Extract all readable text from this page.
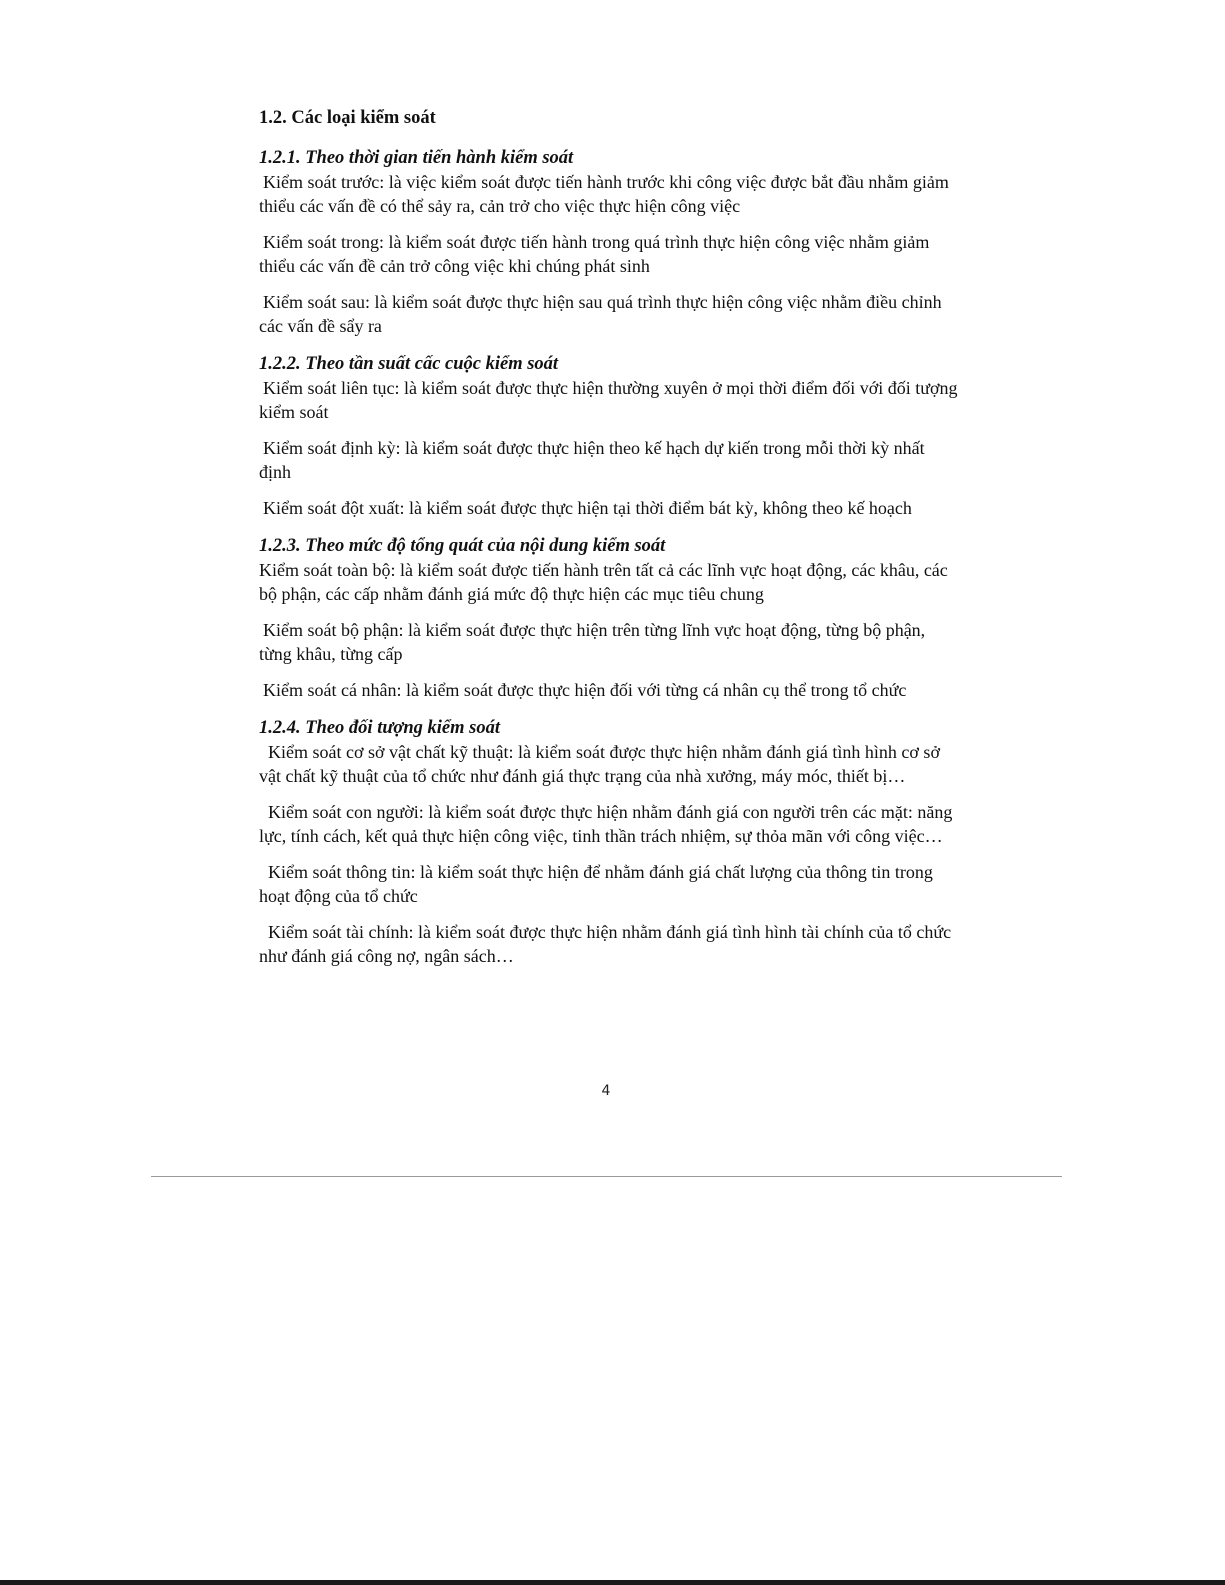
1.2. Các loại kiểm soát
1.2.1. Theo thời gian tiến hành kiểm soát

Kiểm soát trước: là việc kiểm soát được tiến hành trước khi công việc được bắt đầu nhằm giảm thiểu các vấn đề có thể sảy ra, cản trở cho việc thực hiện công việc

Kiểm soát trong: là kiểm soát được tiến hành trong quá trình thực hiện công việc nhằm giảm thiểu các vấn đề cản trở công việc khi chúng phát sinh

Kiểm soát sau: là kiểm soát được thực hiện sau quá trình thực hiện công việc nhằm điều chỉnh các vấn đề sẩy ra

1.2.2. Theo tần suất cấc cuộc kiểm soát

Kiểm soát liên tục: là kiểm soát được thực hiện thường xuyên ở mọi thời điểm đối với đối tượng kiểm soát

Kiểm soát định kỳ: là kiểm soát được thực hiện theo kế hạch dự kiến trong mỗi thời kỳ nhất định

Kiểm soát đột xuất: là kiểm soát được thực hiện tại thời điểm bát kỳ, không theo kế hoạch

1.2.3. Theo mức độ tổng quát của nội dung kiểm soát

Kiểm soát toàn bộ: là kiểm soát được tiến hành trên tất cả các lĩnh vực hoạt động, các khâu, các bộ phận, các cấp nhằm đánh giá mức độ thực hiện các mục tiêu chung

Kiểm soát bộ phận: là kiểm soát được thực hiện trên từng lĩnh vực hoạt động, từng bộ phận, từng khâu, từng cấp

Kiểm soát cá nhân: là kiểm soát được thực hiện đối với từng cá nhân cụ thể trong tổ chức

1.2.4. Theo đối tượng kiểm soát

Kiểm soát cơ sở vật chất kỹ thuật: là kiểm soát được thực hiện nhằm đánh giá tình hình cơ sở vật chất kỹ thuật của tổ chức như đánh giá thực trạng của nhà xưởng, máy móc, thiết bị…

Kiểm soát con người: là kiểm soát được thực hiện nhằm đánh giá con người trên các mặt: năng lực, tính cách, kết quả thực hiện công việc, tinh thần trách nhiệm, sự thỏa mãn với công việc…

Kiểm soát thông tin: là kiểm soát thực hiện để nhằm đánh giá chất lượng của thông tin trong hoạt động của tổ chức

Kiểm soát tài chính: là kiểm soát được thực hiện nhằm đánh giá tình hình tài chính của tổ chức như đánh giá công nợ, ngân sách…

4
